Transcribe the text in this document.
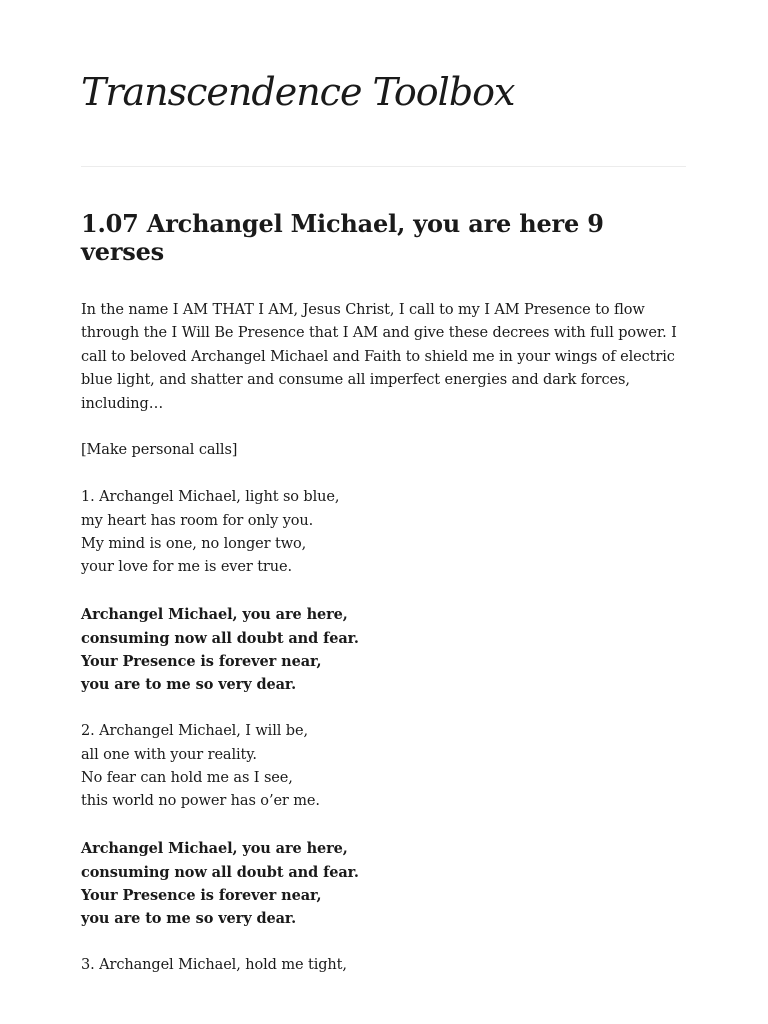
Transcendence Toolbox
1.07 Archangel Michael, you are here 9 verses

In the name I AM THAT I AM, Jesus Christ, I call to my I AM Presence to flow through the I Will Be Presence that I AM and give these decrees with full power. I call to beloved Archangel Michael and Faith to shield me in your wings of electric blue light, and shatter and consume all imperfect energies and dark forces, including…

[Make personal calls]

1. Archangel Michael, light so blue,
my heart has room for only you.
My mind is one, no longer two,
your love for me is ever true.

Archangel Michael, you are here,
consuming now all doubt and fear.
Your Presence is forever near,
you are to me so very dear.

2. Archangel Michael, I will be,
all one with your reality.
No fear can hold me as I see,
this world no power has o’er me.

Archangel Michael, you are here,
consuming now all doubt and fear.
Your Presence is forever near,
you are to me so very dear.

3. Archangel Michael, hold me tight,
